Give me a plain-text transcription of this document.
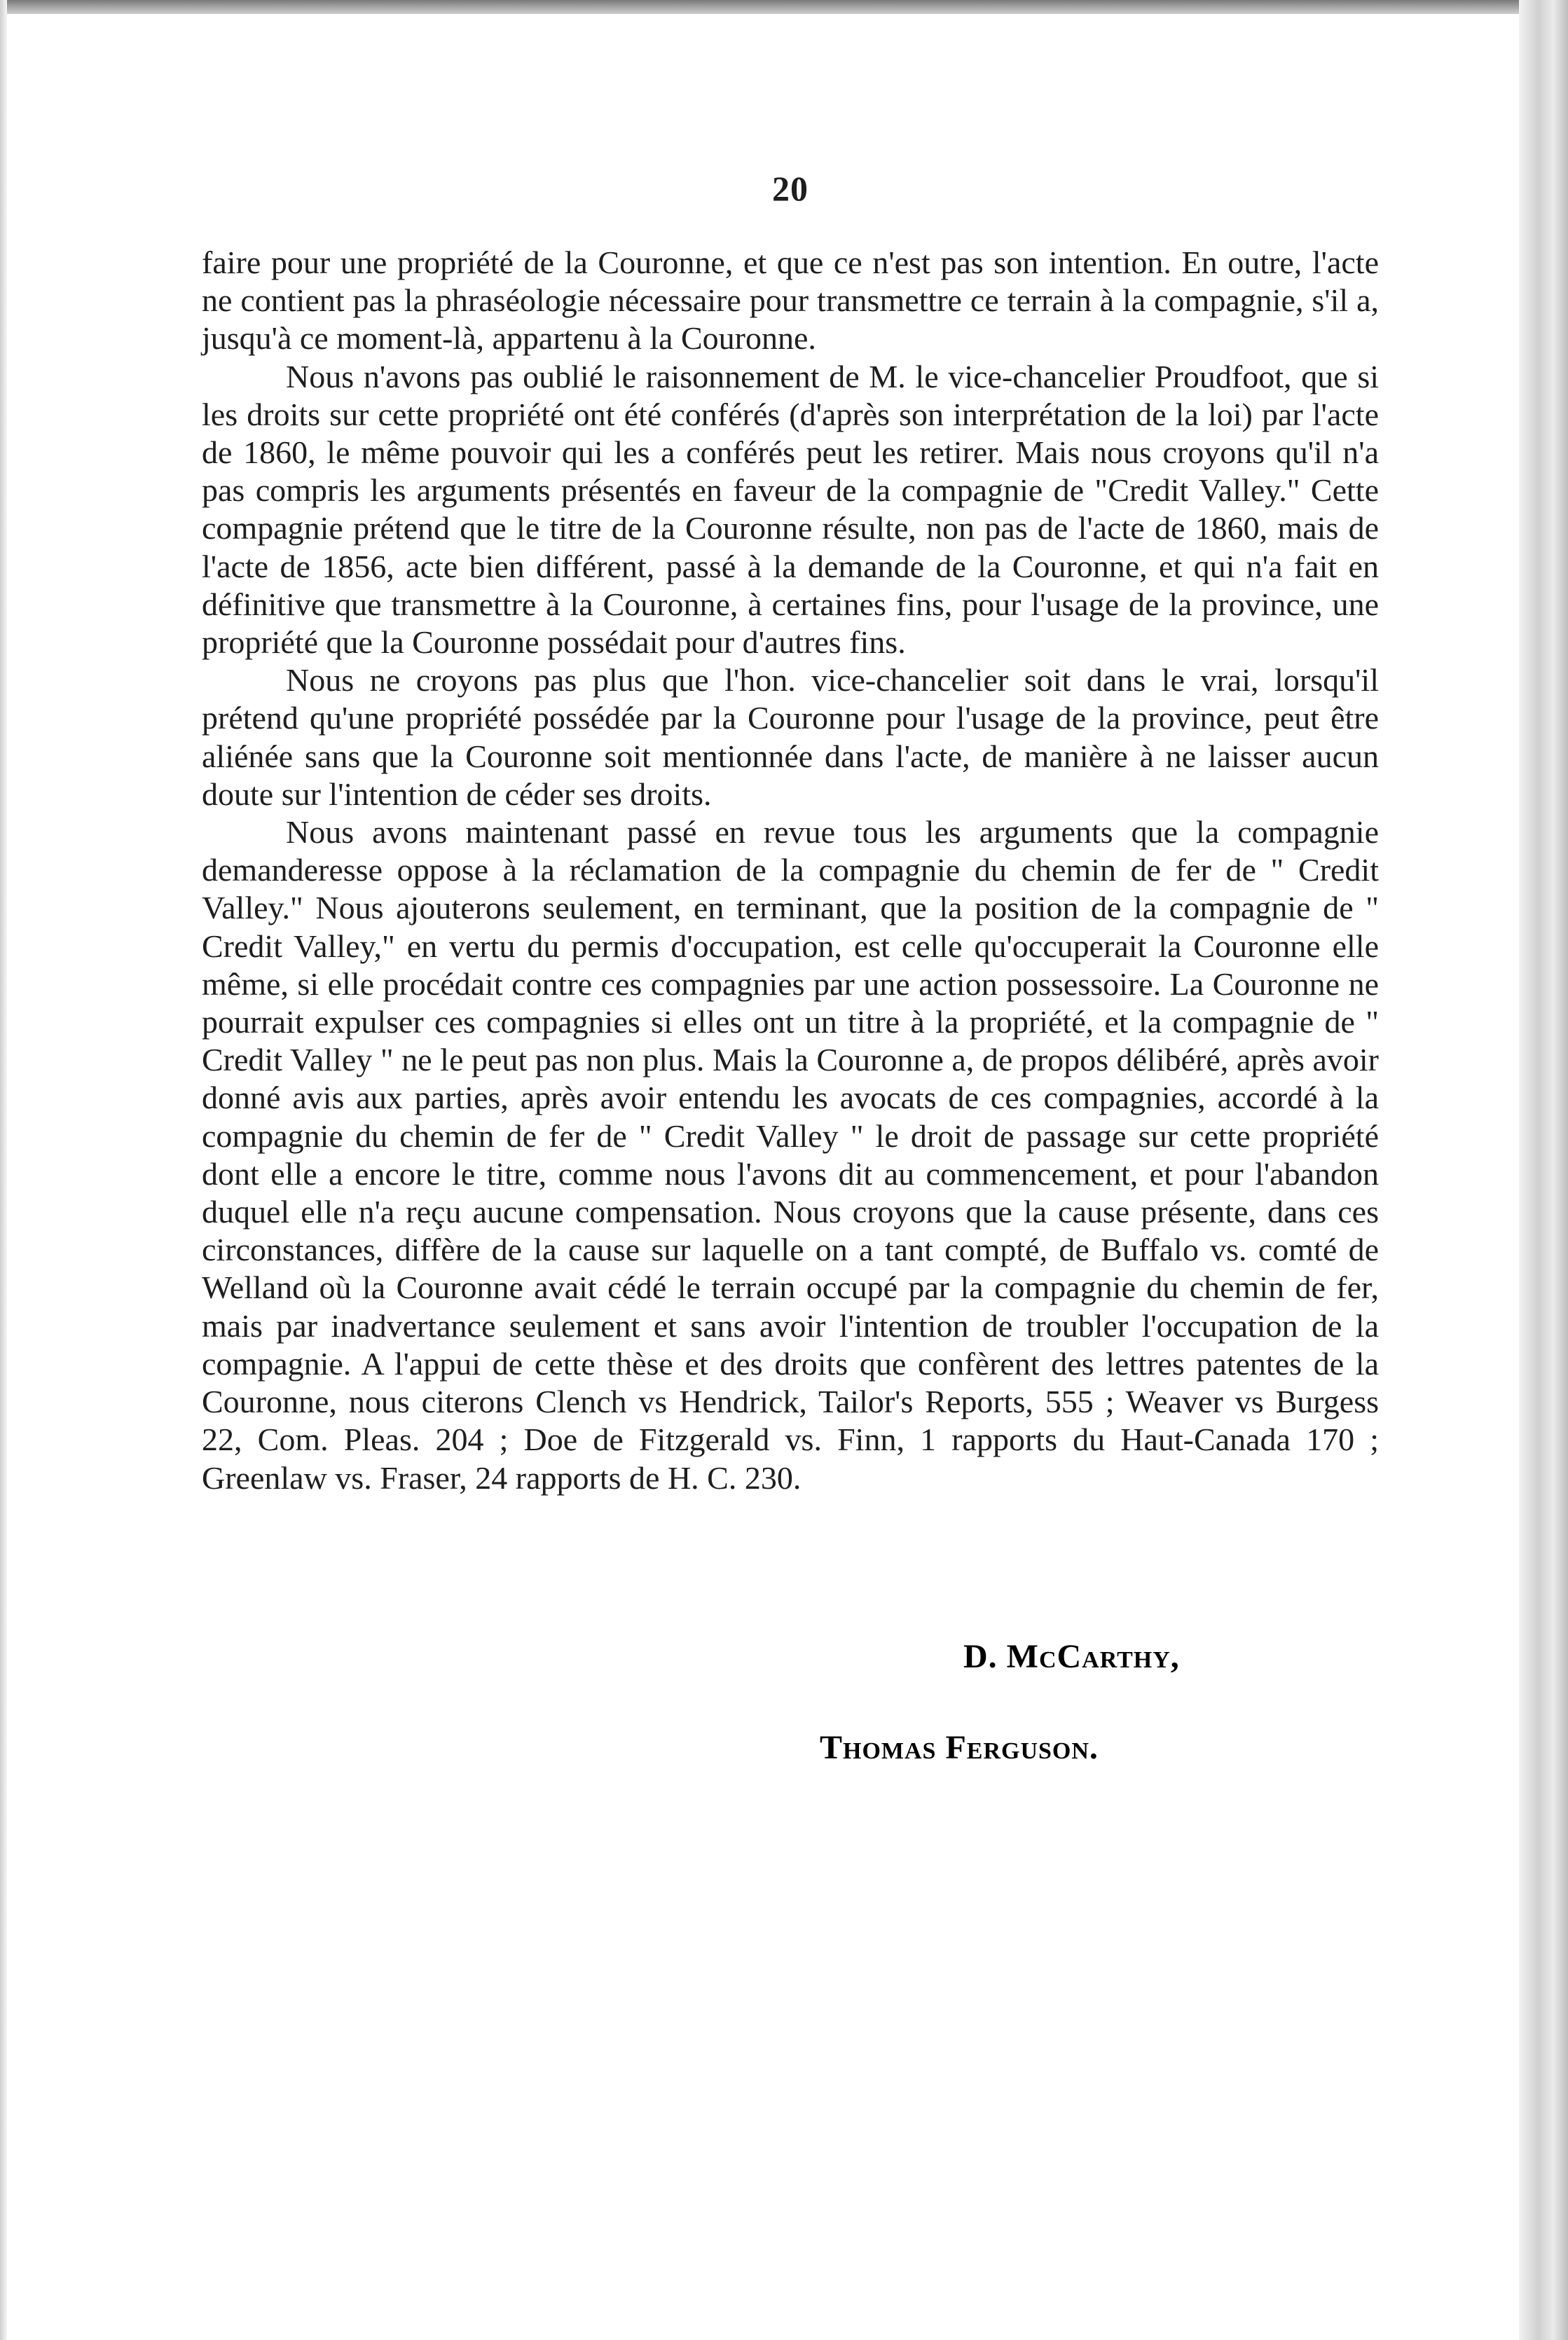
20

faire pour une propriété de la Couronne, et que ce n'est pas son intention. En outre, l'acte ne contient pas la phraséologie nécessaire pour transmettre ce terrain à la compagnie, s'il a, jusqu'à ce moment-là, appartenu à la Couronne.

Nous n'avons pas oublié le raisonnement de M. le vice-chancelier Proudfoot, que si les droits sur cette propriété ont été conférés (d'après son interprétation de la loi) par l'acte de 1860, le même pouvoir qui les a conférés peut les retirer. Mais nous croyons qu'il n'a pas compris les arguments présentés en faveur de la compagnie de "Credit Valley." Cette compagnie prétend que le titre de la Couronne résulte, non pas de l'acte de 1860, mais de l'acte de 1856, acte bien différent, passé à la demande de la Couronne, et qui n'a fait en définitive que transmettre à la Couronne, à certaines fins, pour l'usage de la province, une propriété que la Couronne possédait pour d'autres fins.

Nous ne croyons pas plus que l'hon. vice-chancelier soit dans le vrai, lorsqu'il prétend qu'une propriété possédée par la Couronne pour l'usage de la province, peut être aliénée sans que la Couronne soit mentionnée dans l'acte, de manière à ne laisser aucun doute sur l'intention de céder ses droits.

Nous avons maintenant passé en revue tous les arguments que la compagnie demanderesse oppose à la réclamation de la compagnie du chemin de fer de " Credit Valley." Nous ajouterons seulement, en terminant, que la position de la compagnie de " Credit Valley," en vertu du permis d'occupation, est celle qu'occuperait la Couronne elle même, si elle procédait contre ces compagnies par une action possessoire. La Couronne ne pourrait expulser ces compagnies si elles ont un titre à la propriété, et la compagnie de " Credit Valley " ne le peut pas non plus. Mais la Couronne a, de propos délibéré, après avoir donné avis aux parties, après avoir entendu les avocats de ces compagnies, accordé à la compagnie du chemin de fer de " Credit Valley " le droit de passage sur cette propriété dont elle a encore le titre, comme nous l'avons dit au commencement, et pour l'abandon duquel elle n'a reçu aucune compensation. Nous croyons que la cause présente, dans ces circonstances, diffère de la cause sur laquelle on a tant compté, de Buffalo vs. comté de Welland où la Couronne avait cédé le terrain occupé par la compagnie du chemin de fer, mais par inadvertance seulement et sans avoir l'intention de troubler l'occupation de la compagnie. A l'appui de cette thèse et des droits que confèrent des lettres patentes de la Couronne, nous citerons Clench vs Hendrick, Tailor's Reports, 555 ; Weaver vs Burgess 22, Com. Pleas. 204 ; Doe de Fitzgerald vs. Finn, 1 rapports du Haut-Canada 170 ; Greenlaw vs. Fraser, 24 rapports de H. C. 230.

D. McCarthy,
Thomas Ferguson.
